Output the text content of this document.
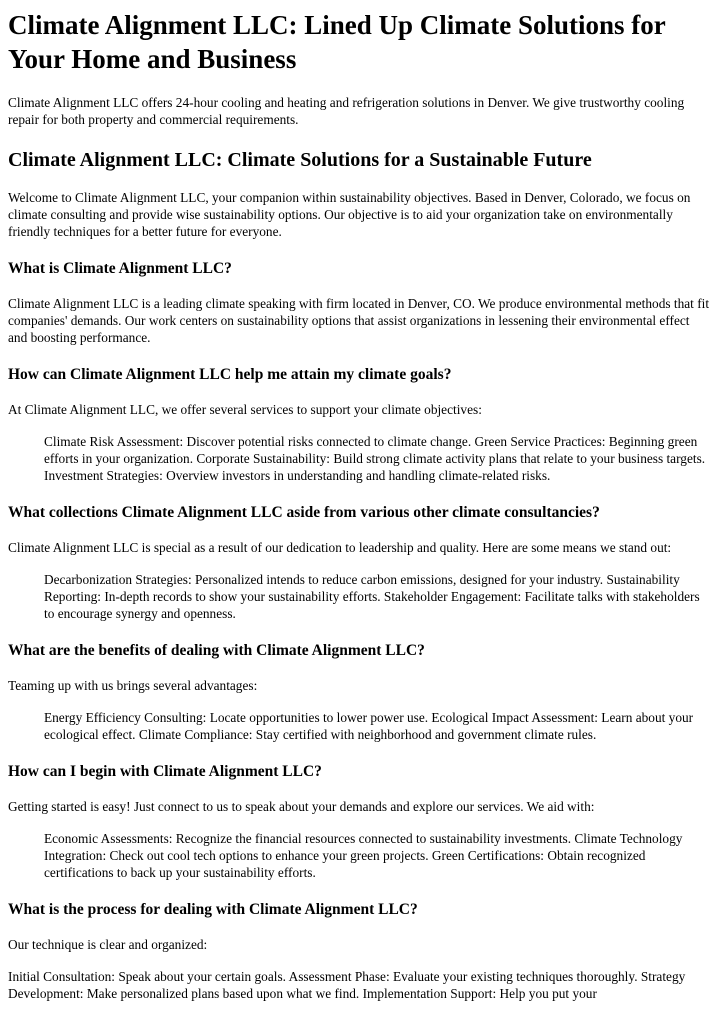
Climate Alignment LLC: Lined Up Climate Solutions for Your Home and Business

Climate Alignment LLC offers 24-hour cooling and heating and refrigeration solutions in Denver. We give trustworthy cooling repair for both property and commercial requirements.

Climate Alignment LLC: Climate Solutions for a Sustainable Future

Welcome to Climate Alignment LLC, your companion within sustainability objectives. Based in Denver, Colorado, we focus on climate consulting and provide wise sustainability options. Our objective is to aid your organization take on environmentally friendly techniques for a better future for everyone.

What is Climate Alignment LLC?

Climate Alignment LLC is a leading climate speaking with firm located in Denver, CO. We produce environmental methods that fit companies' demands. Our work centers on sustainability options that assist organizations in lessening their environmental effect and boosting performance.

How can Climate Alignment LLC help me attain my climate goals?

At Climate Alignment LLC, we offer several services to support your climate objectives:

Climate Risk Assessment: Discover potential risks connected to climate change. Green Service Practices: Beginning green efforts in your organization. Corporate Sustainability: Build strong climate activity plans that relate to your business targets. Investment Strategies: Overview investors in understanding and handling climate-related risks.
What collections Climate Alignment LLC aside from various other climate consultancies?

Climate Alignment LLC is special as a result of our dedication to leadership and quality. Here are some means we stand out:

Decarbonization Strategies: Personalized intends to reduce carbon emissions, designed for your industry. Sustainability Reporting: In-depth records to show your sustainability efforts. Stakeholder Engagement: Facilitate talks with stakeholders to encourage synergy and openness.
What are the benefits of dealing with Climate Alignment LLC?

Teaming up with us brings several advantages:

Energy Efficiency Consulting: Locate opportunities to lower power use. Ecological Impact Assessment: Learn about your ecological effect. Climate Compliance: Stay certified with neighborhood and government climate rules.
How can I begin with Climate Alignment LLC?

Getting started is easy! Just connect to us to speak about your demands and explore our services. We aid with:

Economic Assessments: Recognize the financial resources connected to sustainability investments. Climate Technology Integration: Check out cool tech options to enhance your green projects. Green Certifications: Obtain recognized certifications to back up your sustainability efforts.
What is the process for dealing with Climate Alignment LLC?

Our technique is clear and organized:

Initial Consultation: Speak about your certain goals. Assessment Phase: Evaluate your existing techniques thoroughly. Strategy Development: Make personalized plans based upon what we find. Implementation Support: Help you put your
